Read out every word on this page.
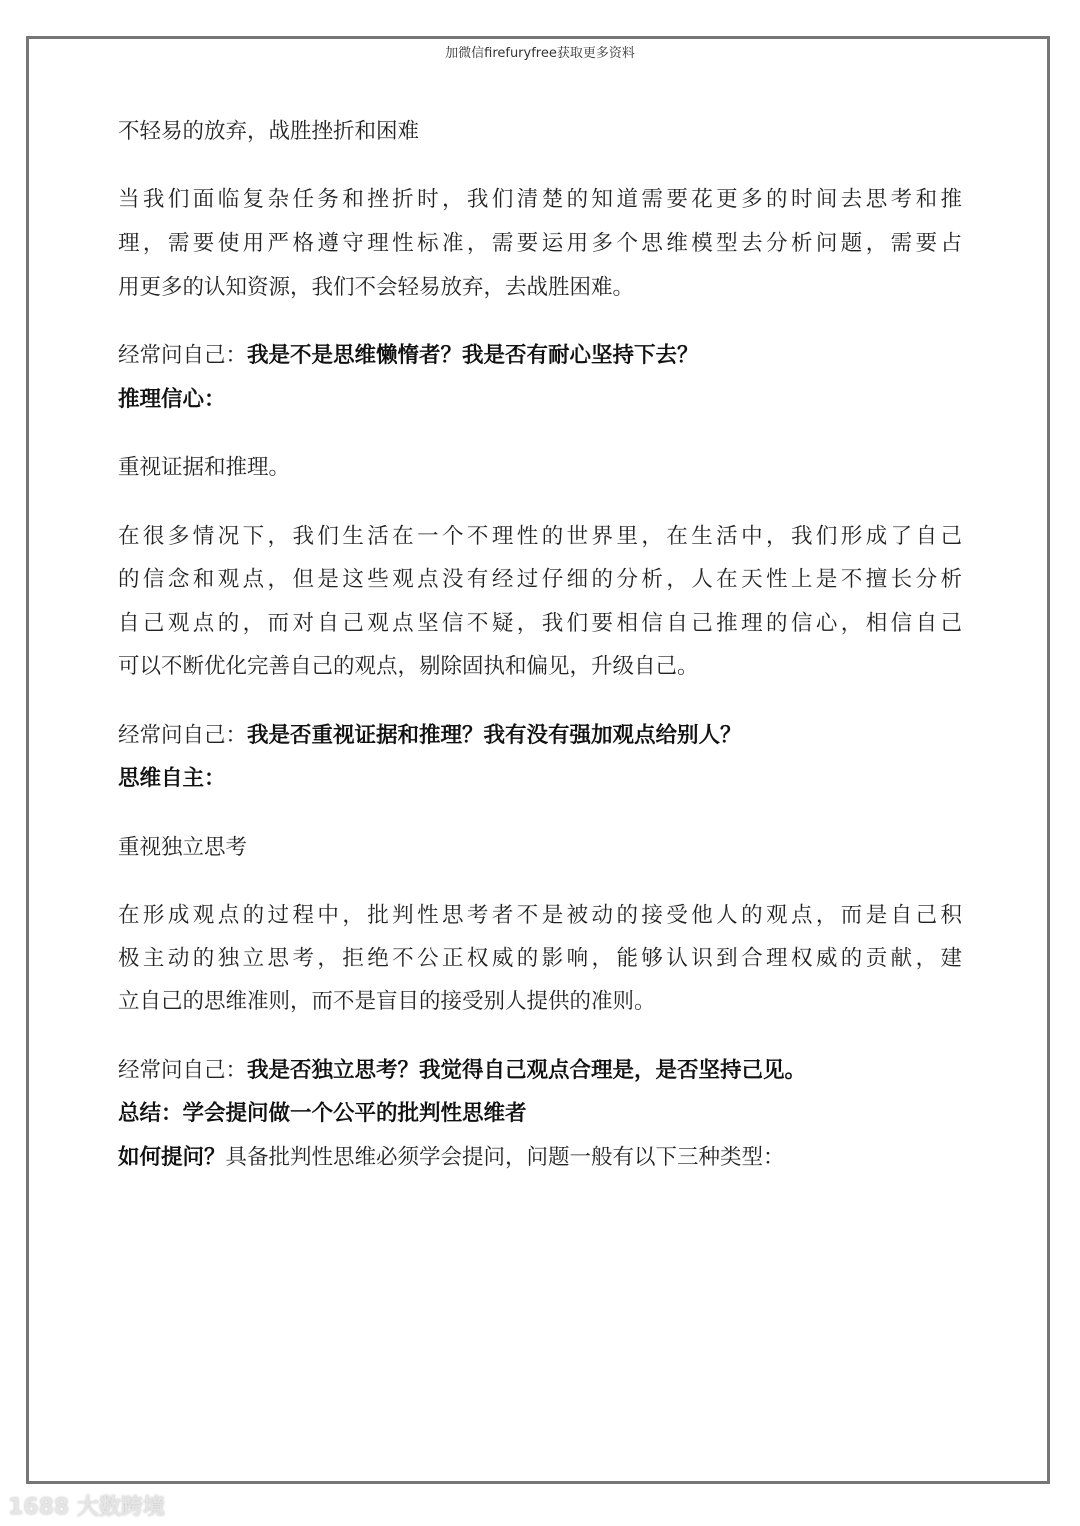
加微信firefuryfree获取更多资料
不轻易的放弃，战胜挫折和困难
当我们面临复杂任务和挫折时，我们清楚的知道需要花更多的时间去思考和推
理，需要使用严格遵守理性标准，需要运用多个思维模型去分析问题，需要占
用更多的认知资源，我们不会轻易放弃，去战胜困难。
经常问自己：我是不是思维懒惰者？我是否有耐心坚持下去？
推理信心：
重视证据和推理。
在很多情况下，我们生活在一个不理性的世界里，在生活中，我们形成了自己
的信念和观点，但是这些观点没有经过仔细的分析，人在天性上是不擅长分析
自己观点的，而对自己观点坚信不疑，我们要相信自己推理的信心，相信自己
可以不断优化完善自己的观点，剔除固执和偏见，升级自己。
经常问自己：我是否重视证据和推理？我有没有强加观点给别人？
思维自主：
重视独立思考
在形成观点的过程中，批判性思考者不是被动的接受他人的观点，而是自己积
极主动的独立思考，拒绝不公正权威的影响，能够认识到合理权威的贡献，建
立自己的思维准则，而不是盲目的接受别人提供的准则。
经常问自己：我是否独立思考？我觉得自己观点合理是，是否坚持己见。
总结：学会提问做一个公平的批判性思维者
如何提问？具备批判性思维必须学会提问，问题一般有以下三种类型：
1688 大数跨境
